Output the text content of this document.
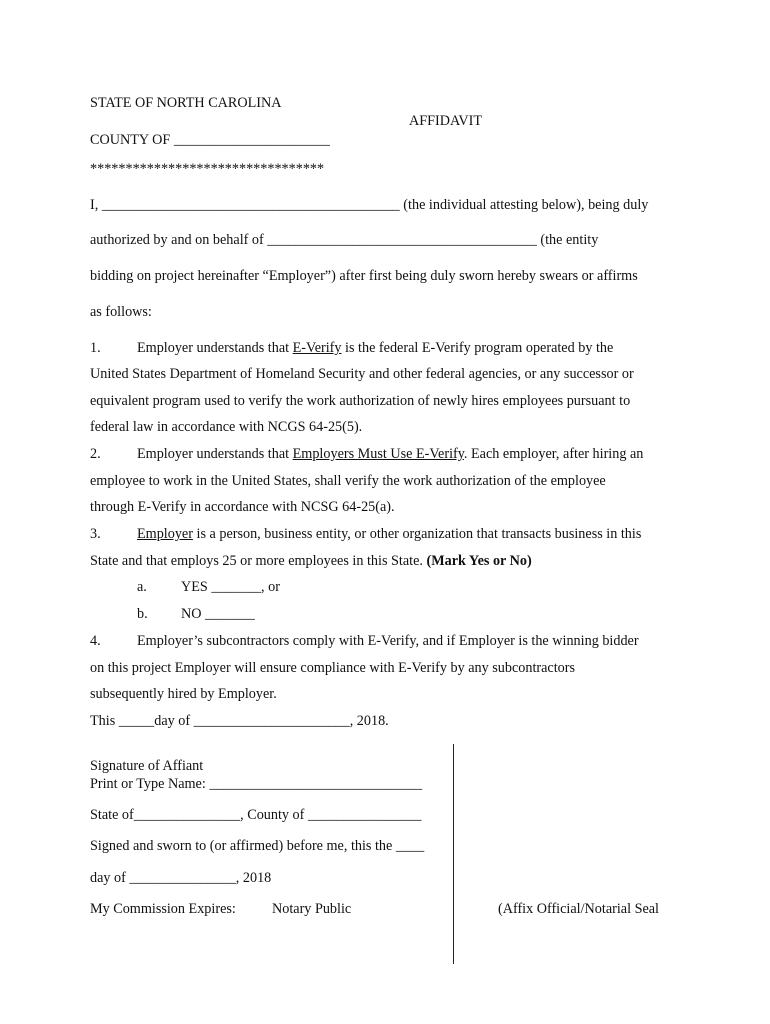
STATE OF NORTH CAROLINA
AFFIDAVIT
COUNTY OF ______________________
*********************************
I, __________________________________________ (the individual attesting below), being duly
authorized by and on behalf of ______________________________________ (the entity
bidding on project hereinafter “Employer”) after first being duly sworn hereby swears or affirms
as follows:
1.	Employer understands that E-Verify is the federal E-Verify program operated by the
United States Department of Homeland Security and other federal agencies, or any successor or
equivalent program used to verify the work authorization of newly hires employees pursuant to
federal law in accordance with NCGS 64-25(5).
2.	Employer understands that Employers Must Use E-Verify. Each employer, after hiring an
employee to work in the United States, shall verify the work authorization of the employee
through E-Verify in accordance with NCSG 64-25(a).
3.	Employer is a person, business entity, or other organization that transacts business in this
State and that employs 25 or more employees in this State. (Mark Yes or No)
a. YES _______, or
b. NO _______
4.	Employer’s subcontractors comply with E-Verify, and if Employer is the winning bidder
on this project Employer will ensure compliance with E-Verify by any subcontractors
subsequently hired by Employer.
This _____day of ______________________, 2018.
Signature of Affiant
Print or Type Name: ______________________________
State of_______________, County of ________________
Signed and sworn to (or affirmed) before me, this the ____
day of _______________, 2018
My Commission Expires:	Notary Public	(Affix Official/Notarial Seal
